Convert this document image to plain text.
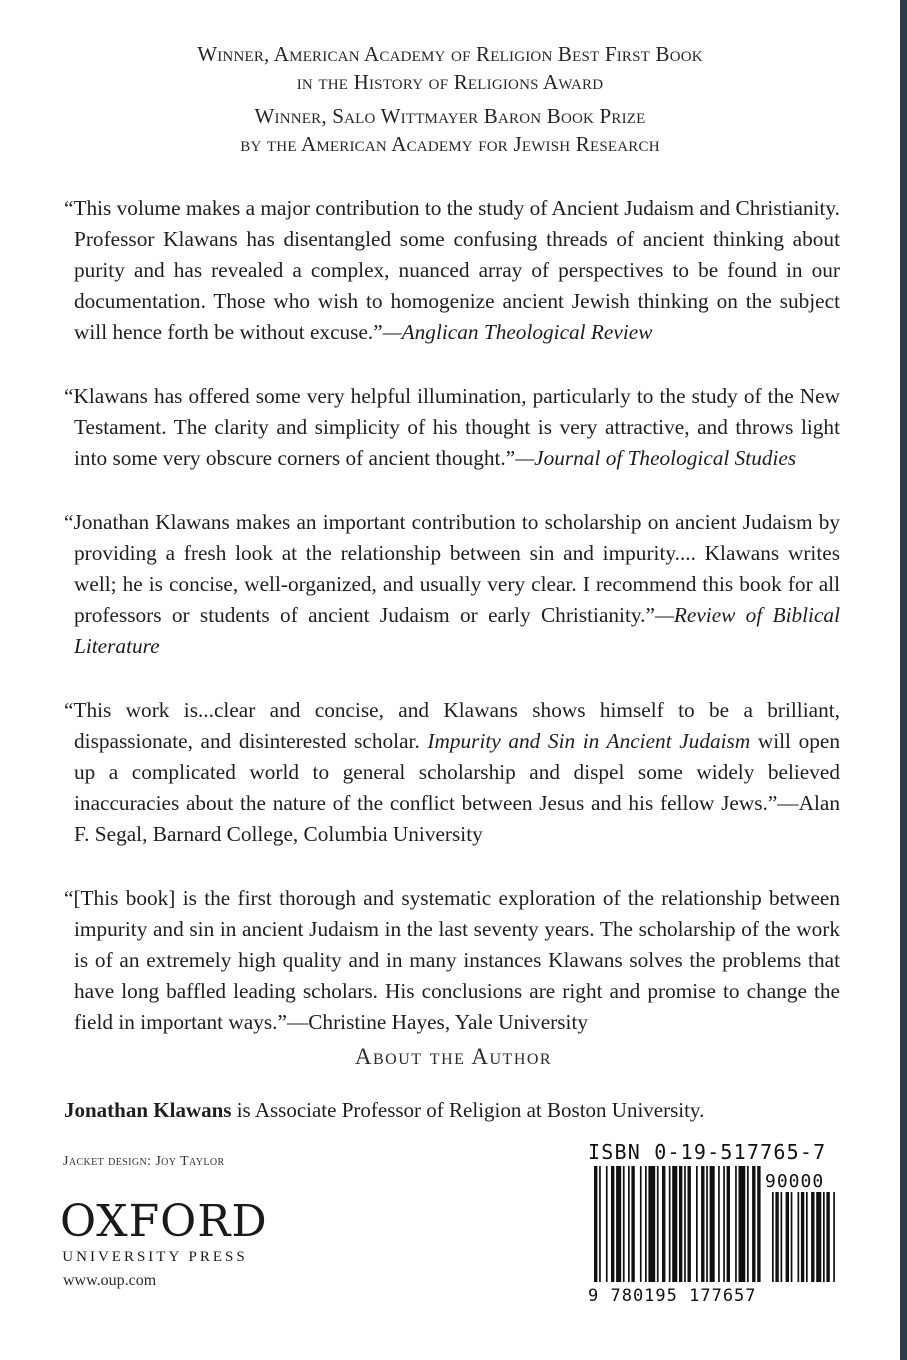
Winner, American Academy of Religion Best First Book
in the History of Religions Award
Winner, Salo Wittmayer Baron Book Prize
by the American Academy for Jewish Research

“This volume makes a major contribution to the study of Ancient Judaism and Christianity. Professor Klawans has disentangled some confusing threads of ancient thinking about purity and has revealed a complex, nuanced array of perspectives to be found in our documentation. Those who wish to homogenize ancient Jewish thinking on the subject will hence forth be without excuse.”—Anglican Theological Review

“Klawans has offered some very helpful illumination, particularly to the study of the New Testament. The clarity and simplicity of his thought is very attractive, and throws light into some very obscure corners of ancient thought.”—Journal of Theological Studies

“Jonathan Klawans makes an important contribution to scholarship on ancient Judaism by providing a fresh look at the relationship between sin and impurity.... Klawans writes well; he is concise, well-organized, and usually very clear. I recommend this book for all professors or students of ancient Judaism or early Christianity.”—Review of Biblical Literature

“This work is...clear and concise, and Klawans shows himself to be a brilliant, dispassionate, and disinterested scholar. Impurity and Sin in Ancient Judaism will open up a complicated world to general scholarship and dispel some widely believed inaccuracies about the nature of the conflict between Jesus and his fellow Jews.”—Alan F. Segal, Barnard College, Columbia University

“[This book] is the first thorough and systematic exploration of the relationship between impurity and sin in ancient Judaism in the last seventy years. The scholarship of the work is of an extremely high quality and in many instances Klawans solves the problems that have long baffled leading scholars. His conclusions are right and promise to change the field in important ways.”—Christine Hayes, Yale University

About the Author
Jonathan Klawans is Associate Professor of Religion at Boston University.
Jacket design: Joy Taylor
OXFORD
UNIVERSITY PRESS
www.oup.com
ISBN 0-19-517765-7
90000
9 780195 177657
